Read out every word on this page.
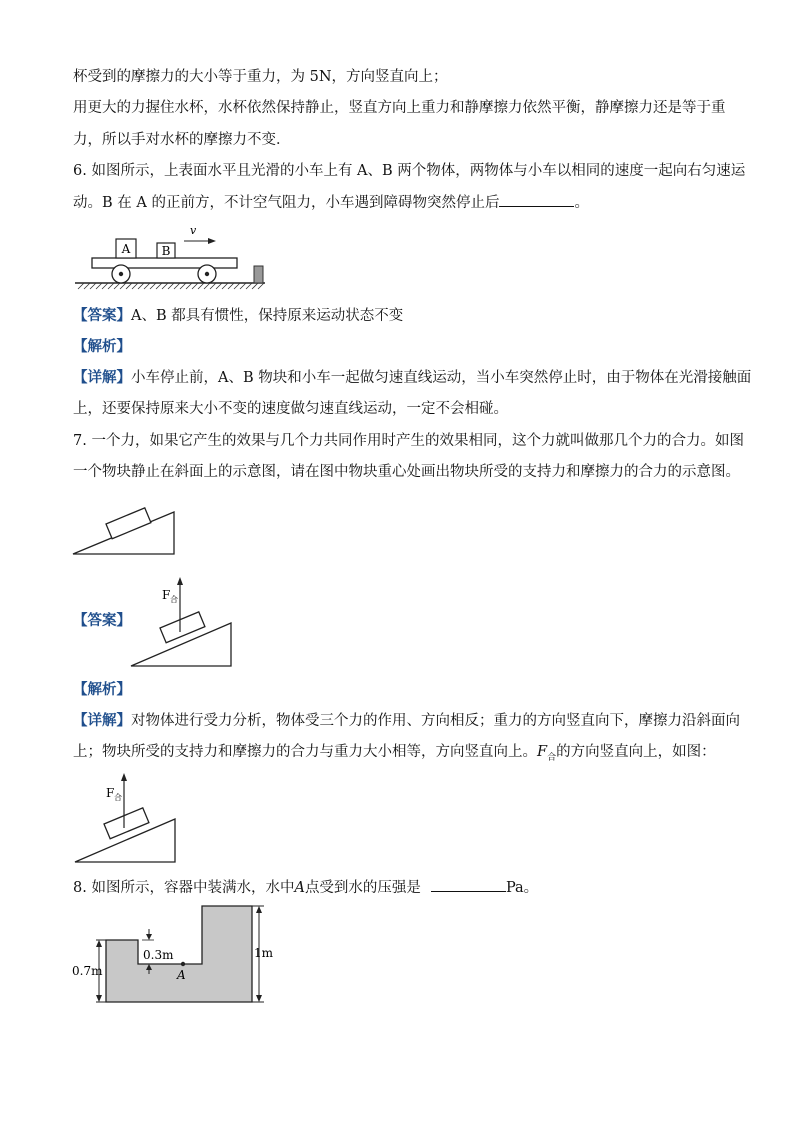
杯受到的摩擦力的大小等于重力，为 5N，方向竖直向上；
用更大的力握住水杯，水杯依然保持静止，竖直方向上重力和静摩擦力依然平衡，静摩擦力还是等于重
力，所以手对水杯的摩擦力不变．
6. 如图所示，上表面水平且光滑的小车上有 A、B 两个物体，两物体与小车以相同的速度一起向右匀速运
动。B 在 A 的正前方，不计空气阻力，小车遇到障碍物突然停止后	。
A	B
v
【答案】A、B 都具有惯性，保持原来运动状态不变
【解析】
【详解】小车停止前，A、B 物块和小车一起做匀速直线运动，当小车突然停止时，由于物体在光滑接触面
上，还要保持原来大小不变的速度做匀速直线运动，一定不会相碰。
7. 一个力，如果它产生的效果与几个力共同作用时产生的效果相同，这个力就叫做那几个力的合力。如图
一个物块静止在斜面上的示意图，请在图中物块重心处画出物块所受的支持力和摩擦力的合力的示意图。
【答案】
F 合
【解析】
【详解】对物体进行受力分析，物体受三个力的作用、方向相反；重力的方向竖直向下，摩擦力沿斜面向
上；物块所受的支持力和摩擦力的合力与重力大小相等，方向竖直向上。$F_合$的方向竖直向上，如图：
F 合
8. 如图所示，容器中装满水，水中A点受到水的压强是	Pa。
0.7m
0.3m
A
1m
